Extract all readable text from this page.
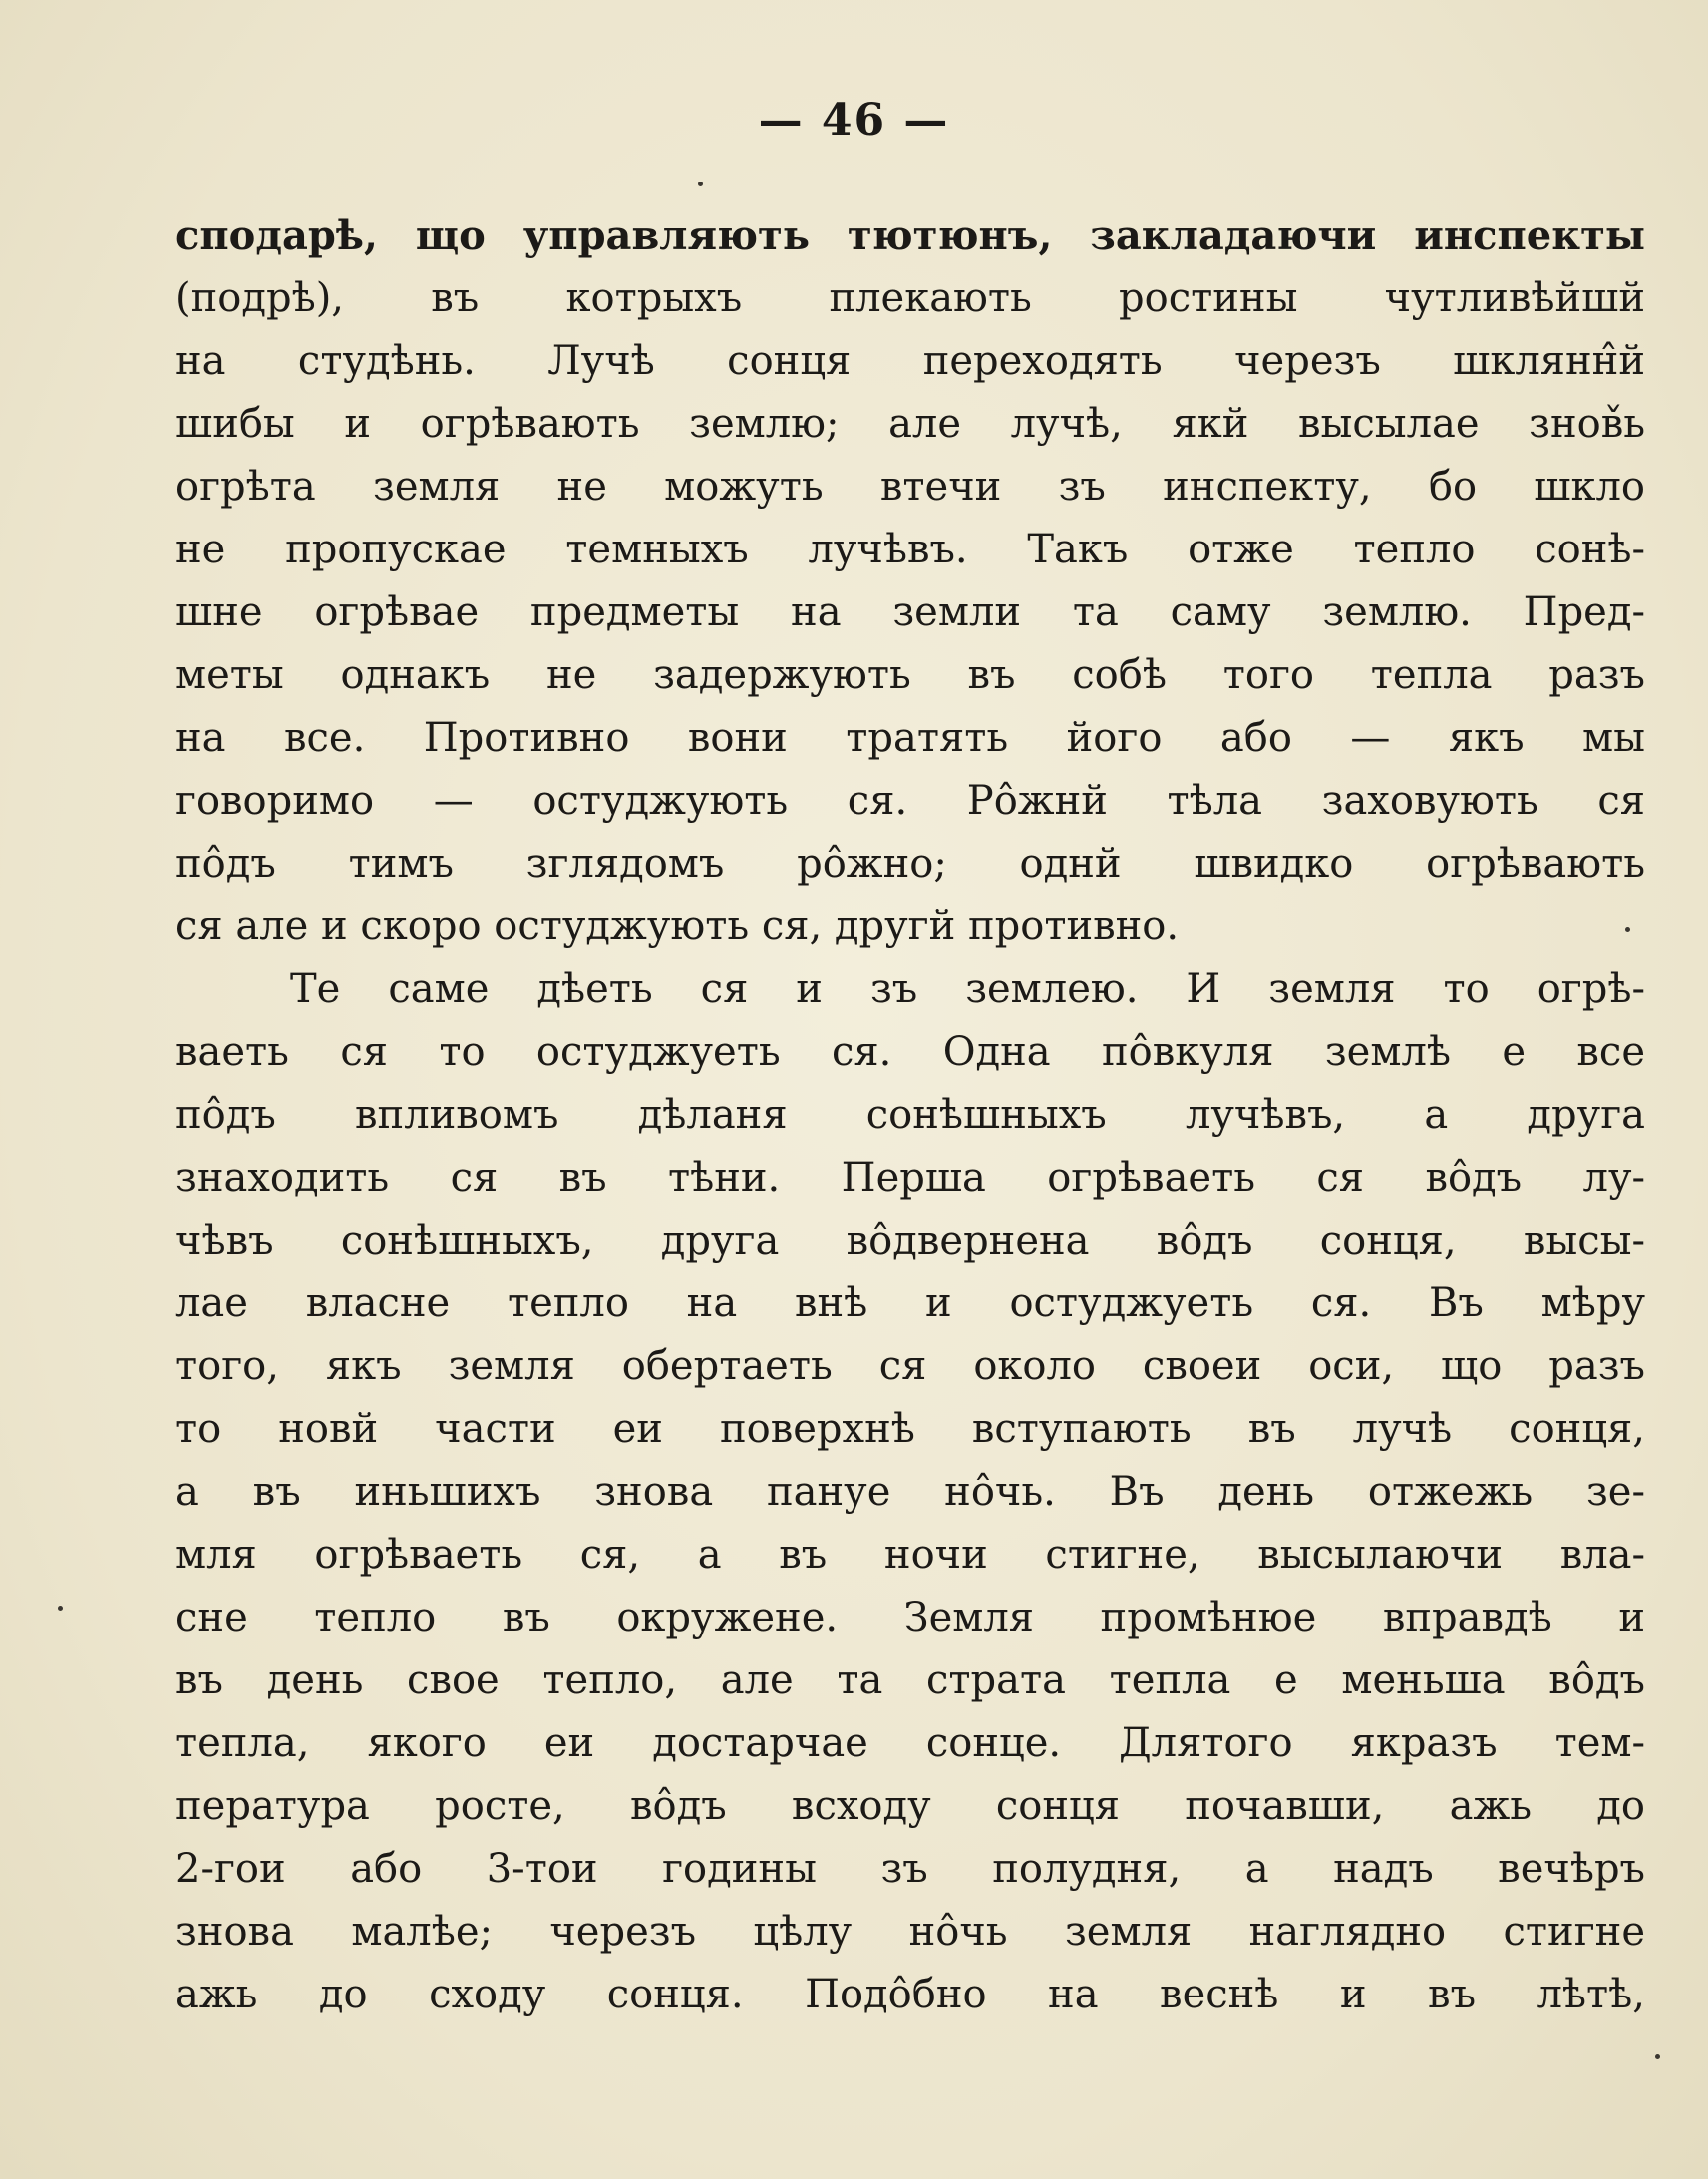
— 46 —
сподарѣ, що управляють тютюнъ, закладаючи инспекты
(подрѣ), въ котрыхъ плекають ростины чутливѣйшй
на студѣнь. Лучѣ сонця переходять черезъ шклянн̂й
шибы и огрѣвають землю; але лучѣ, якй высылае знов̌ь
огрѣта земля не можуть втечи зъ инспекту, бо шкло
не пропускае темныхъ лучѣвъ. Такъ отже тепло сонѣ-
шне огрѣвае предметы на земли та саму землю. Пред-
меты однакъ не задержують въ собѣ того тепла разъ
на все. Противно вони тратять його або — якъ мы
говоримо — остуджують ся. Рôжнй тѣла заховують ся
пôдъ тимъ зглядомъ рôжно; однй швидко огрѣвають
ся але и скоро остуджують ся, другй противно.
Те саме дѣеть ся и зъ землею. И земля то огрѣ-
ваеть ся то остуджуеть ся. Одна пôвкуля землѣ е все
пôдъ впливомъ дѣланя сонѣшныхъ лучѣвъ, а друга
знаходить ся въ тѣни. Перша огрѣваеть ся вôдъ лу-
чѣвъ сонѣшныхъ, друга вôдвернена вôдъ сонця, высы-
лае власне тепло на внѣ и остуджуеть ся. Въ мѣру
того, якъ земля обертаеть ся около своеи оси, що разъ
то новй части еи поверхнѣ вступають въ лучѣ сонця,
а въ иньшихъ знова пануе нôчь. Въ день отжежь зе-
мля огрѣваеть ся, а въ ночи стигне, высылаючи вла-
сне тепло въ окружене. Земля промѣнюе вправдѣ и
въ день свое тепло, але та страта тепла е меньша вôдъ
тепла, якого еи достарчае сонце. Длятого якразъ тем-
пература росте, вôдъ всходу сонця почавши, ажь до
2-гои або 3-тои годины зъ полудня, а надъ вечѣръ
знова малѣе; черезъ цѣлу нôчь земля наглядно стигне
ажь до сходу сонця. Подôбно на веснѣ и въ лѣтѣ,
